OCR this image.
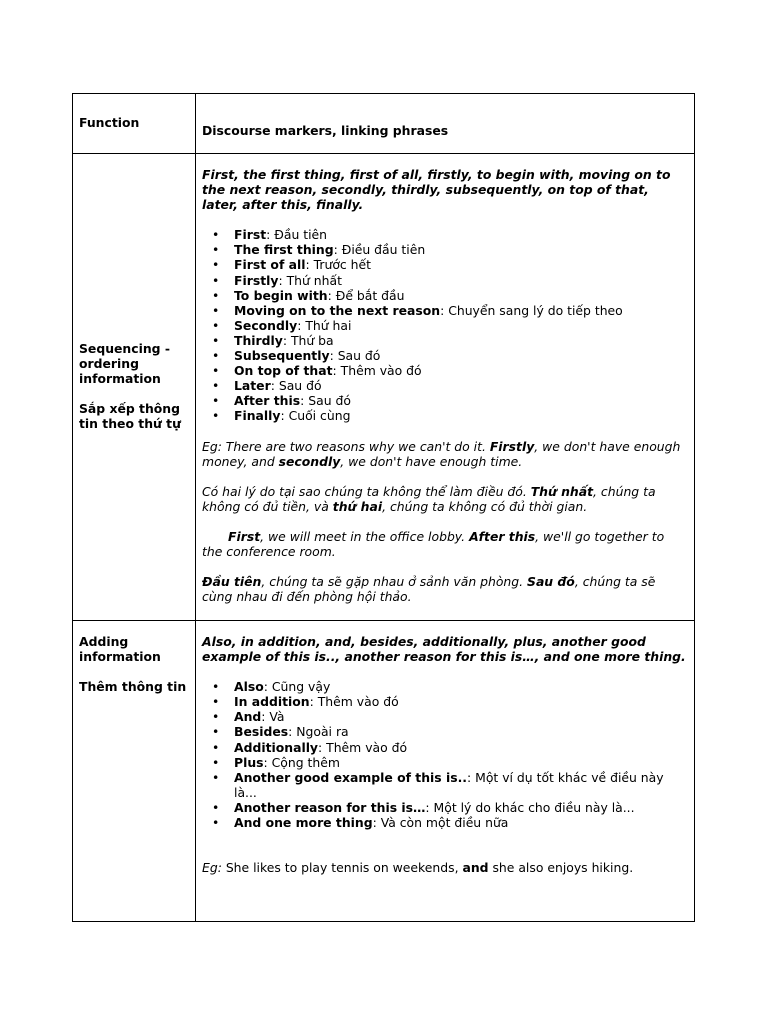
Function
Discourse markers, linking phrases

Sequencing - ordering information

Sắp xếp thông tin theo thứ tự

First, the first thing, first of all, firstly, to begin with, moving on to the next reason, secondly, thirdly, subsequently, on top of that, later, after this, finally.

• First: Đầu tiên
• The first thing: Điều đầu tiên
• First of all: Trước hết
• Firstly: Thứ nhất
• To begin with: Để bắt đầu
• Moving on to the next reason: Chuyển sang lý do tiếp theo
• Secondly: Thứ hai
• Thirdly: Thứ ba
• Subsequently: Sau đó
• On top of that: Thêm vào đó
• Later: Sau đó
• After this: Sau đó
• Finally: Cuối cùng

Eg: There are two reasons why we can't do it. Firstly, we don't have enough money, and secondly, we don't have enough time.

Có hai lý do tại sao chúng ta không thể làm điều đó. Thứ nhất, chúng ta không có đủ tiền, và thứ hai, chúng ta không có đủ thời gian.

First, we will meet in the office lobby. After this, we'll go together to the conference room.

Đầu tiên, chúng ta sẽ gặp nhau ở sảnh văn phòng. Sau đó, chúng ta sẽ cùng nhau đi đến phòng hội thảo.

Adding information

Thêm thông tin

Also, in addition, and, besides, additionally, plus, another good example of this is.., another reason for this is…, and one more thing.

• Also: Cũng vậy
• In addition: Thêm vào đó
• And: Và
• Besides: Ngoài ra
• Additionally: Thêm vào đó
• Plus: Cộng thêm
• Another good example of this is..: Một ví dụ tốt khác về điều này là...
• Another reason for this is…: Một lý do khác cho điều này là...
• And one more thing: Và còn một điều nữa

Eg: She likes to play tennis on weekends, and she also enjoys hiking.
